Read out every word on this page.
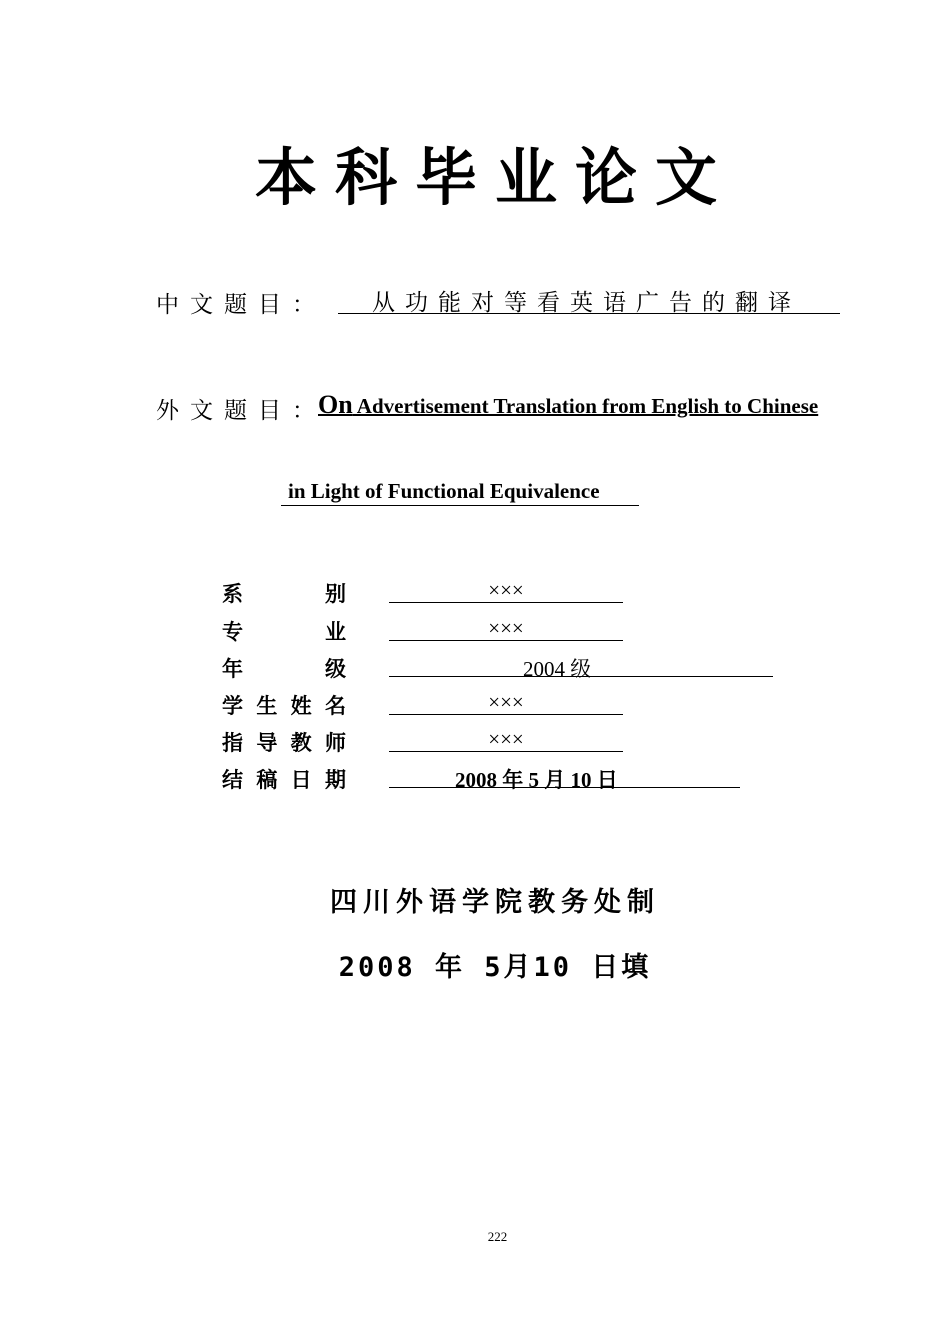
本科毕业论文
中文题目：	从功能对等看英语广告的翻译
外文题目：
On Advertisement Translation from English to Chinese
in Light of Functional Equivalence
系	别	×××
专	业	×××
年	级	2004 级
学 生 姓 名	×××
指 导 教 师	×××
结 稿 日 期	2008 年 5 月 10 日
四川外语学院教务处制
2008 年 5月10 日填
222
